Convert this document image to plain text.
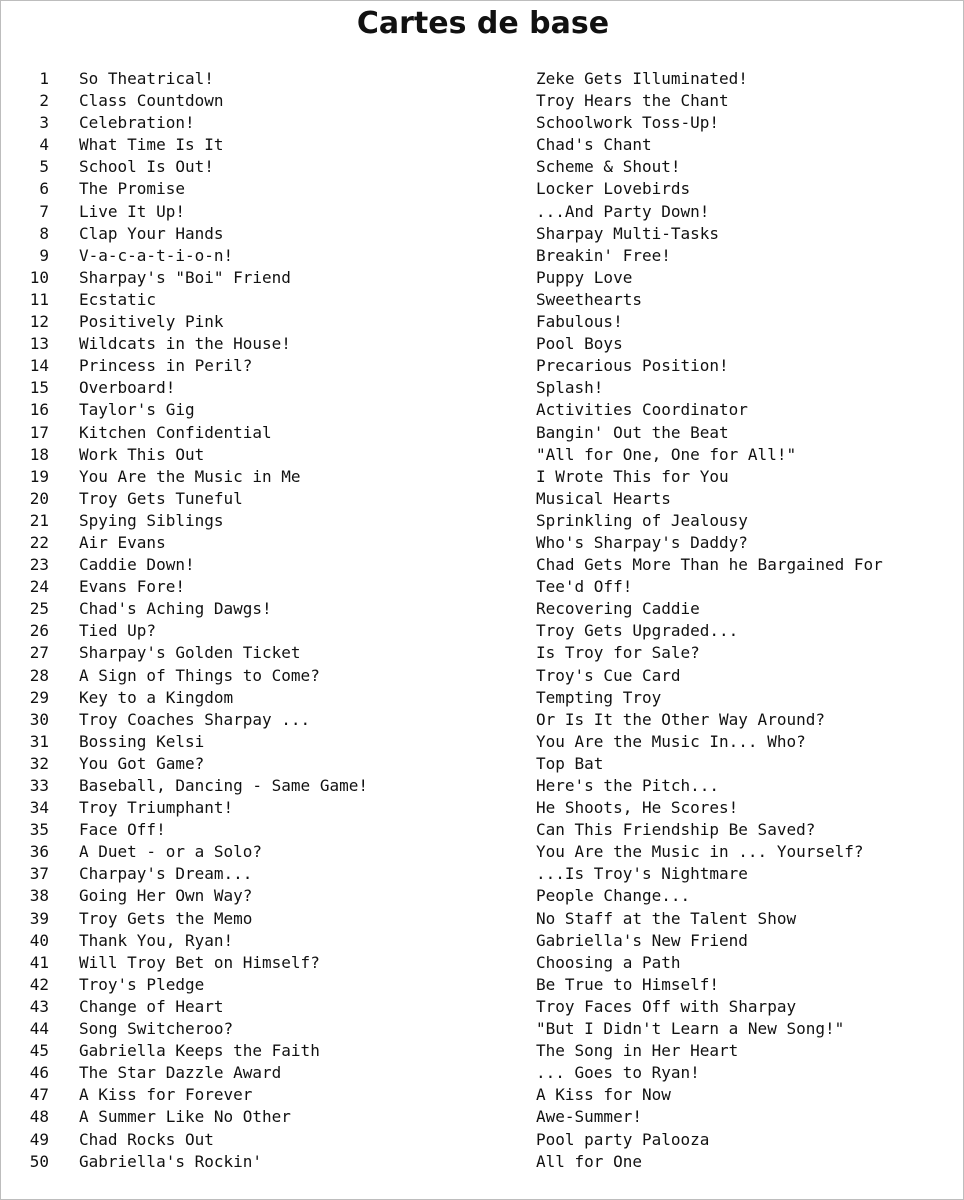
Cartes de base
1 So Theatrical!	Zeke Gets Illuminated!
2 Class Countdown	Troy Hears the Chant
3 Celebration!	Schoolwork Toss-Up!
4 What Time Is It	Chad's Chant
5 School Is Out!	Scheme & Shout!
6 The Promise	Locker Lovebirds
7 Live It Up!	...And Party Down!
8 Clap Your Hands	Sharpay Multi-Tasks
9 V-a-c-a-t-i-o-n!	Breakin' Free!
10 Sharpay's "Boi" Friend	Puppy Love
11 Ecstatic	Sweethearts
12 Positively Pink	Fabulous!
13 Wildcats in the House!	Pool Boys
14 Princess in Peril?	Precarious Position!
15 Overboard!	Splash!
16 Taylor's Gig	Activities Coordinator
17 Kitchen Confidential	Bangin' Out the Beat
18 Work This Out	"All for One, One for All!"
19 You Are the Music in Me	I Wrote This for You
20 Troy Gets Tuneful	Musical Hearts
21 Spying Siblings	Sprinkling of Jealousy
22 Air Evans	Who's Sharpay's Daddy?
23 Caddie Down!	Chad Gets More Than he Bargained For
24 Evans Fore!	Tee'd Off!
25 Chad's Aching Dawgs!	Recovering Caddie
26 Tied Up?	Troy Gets Upgraded...
27 Sharpay's Golden Ticket	Is Troy for Sale?
28 A Sign of Things to Come?	Troy's Cue Card
29 Key to a Kingdom	Tempting Troy
30 Troy Coaches Sharpay ...	Or Is It the Other Way Around?
31 Bossing Kelsi	You Are the Music In... Who?
32 You Got Game?	Top Bat
33 Baseball, Dancing - Same Game!	Here's the Pitch...
34 Troy Triumphant!	He Shoots, He Scores!
35 Face Off!	Can This Friendship Be Saved?
36 A Duet - or a Solo?	You Are the Music in ... Yourself?
37 Charpay's Dream...	...Is Troy's Nightmare
38 Going Her Own Way?	People Change...
39 Troy Gets the Memo	No Staff at the Talent Show
40 Thank You, Ryan!	Gabriella's New Friend
41 Will Troy Bet on Himself?	Choosing a Path
42 Troy's Pledge	Be True to Himself!
43 Change of Heart	Troy Faces Off with Sharpay
44 Song Switcheroo?	"But I Didn't Learn a New Song!"
45 Gabriella Keeps the Faith	The Song in Her Heart
46 The Star Dazzle Award	... Goes to Ryan!
47 A Kiss for Forever	A Kiss for Now
48 A Summer Like No Other	Awe-Summer!
49 Chad Rocks Out	Pool party Palooza
50 Gabriella's Rockin'	All for One
